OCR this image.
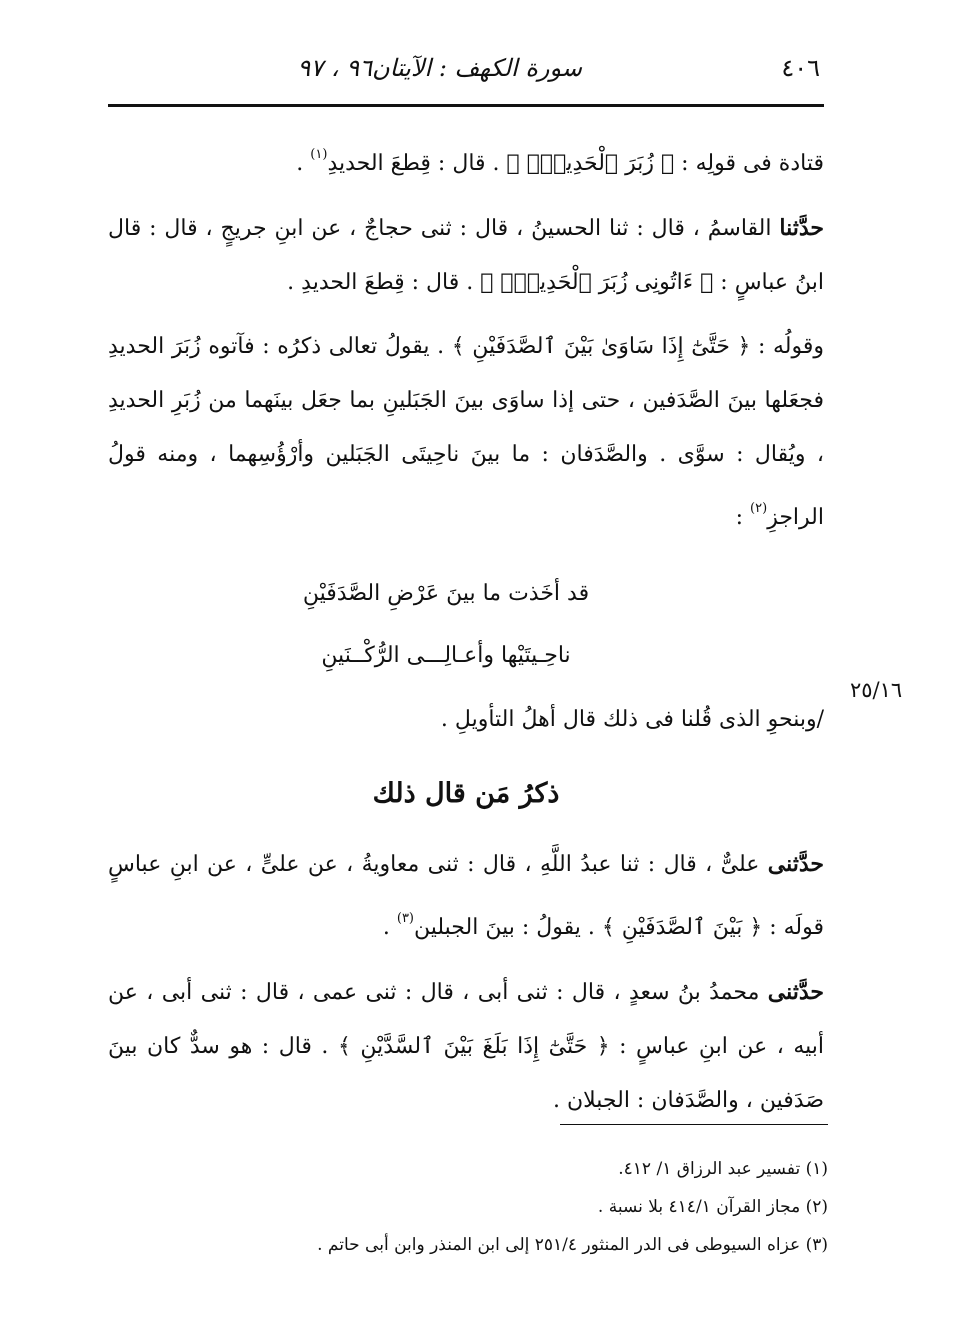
٤٠٦
سورة الكهف : الآيتان٩٦ ، ٩٧

قتادة فى قولِه : ﴿ زُبَرَ ٱلْحَدِيدِۖ ﴾ . قال : قِطعَ الحديدِ$^{(١)}$ .

حدَّثنا القاسمُ ، قال : ثنا الحسينُ ، قال : ثنى حجاجٌ ، عن ابنِ جريجٍ ، قال : قال ابنُ عباسٍ : ﴿ ءَاتُونِى زُبَرَ ٱلْحَدِيدِۖ ﴾ . قال : قِطعَ الحديدِ .

وقولُه : ﴿ حَتَّىٰٓ إِذَا سَاوَىٰ بَيْنَ ٱلصَّدَفَيْنِ ﴾ . يقولُ تعالى ذكرُه : فآتوه زُبَرَ الحديدِ فجعَلها بينَ الصَّدَفين ، حتى إذا ساوَى بينَ الجَبَلينِ بما جعَل بينَهما من زُبَرِ الحديدِ ، ويُقال : سوَّى . والصَّدَفان : ما بينَ ناحِيتَى الجَبَلين وأرْؤُسِهما ، ومنه قولُ الراجزِ$^{(٢)}$ :

قد أخَذت ما بينَ عَرْضِ الصَّدَفَيْنِ

ناحِـيتَيْها وأعـالِـــى الرُّكْــنَينِ

/وبنحوِ الذى قُلنا فى ذلك قال أهلُ التأويلِ .

ذكرُ مَن قال ذلك

حدَّثنى علىٌّ ، قال : ثنا عبدُ اللَّهِ ، قال : ثنى معاويةُ ، عن علىٍّ ، عن ابنِ عباسٍ قولَه : ﴿ بَيْنَ ٱلصَّدَفَيْنِ ﴾ . يقولُ : بينَ الجبلين$^{(٣)}$ .

حدَّثنى محمدُ بنُ سعدٍ ، قال : ثنى أبى ، قال : ثنى عمى ، قال : ثنى أبى ، عن أبيه ، عن ابنِ عباسٍ : ﴿ حَتَّىٰٓ إِذَا بَلَغَ بَيْنَ ٱلسَّدَّيْنِ ﴾ . قال : هو سدٌّ كان بينَ صَدَفين ، والصَّدَفان : الجبلان .

٢٥/١٦

(١) تفسير عبد الرزاق ١/ ٤١٢.

(٢) مجاز القرآن ٤١٤/١ بلا نسبة .

(٣) عزاه السيوطى فى الدر المنثور ٢٥١/٤ إلى ابن المنذر وابن أبى حاتم .
